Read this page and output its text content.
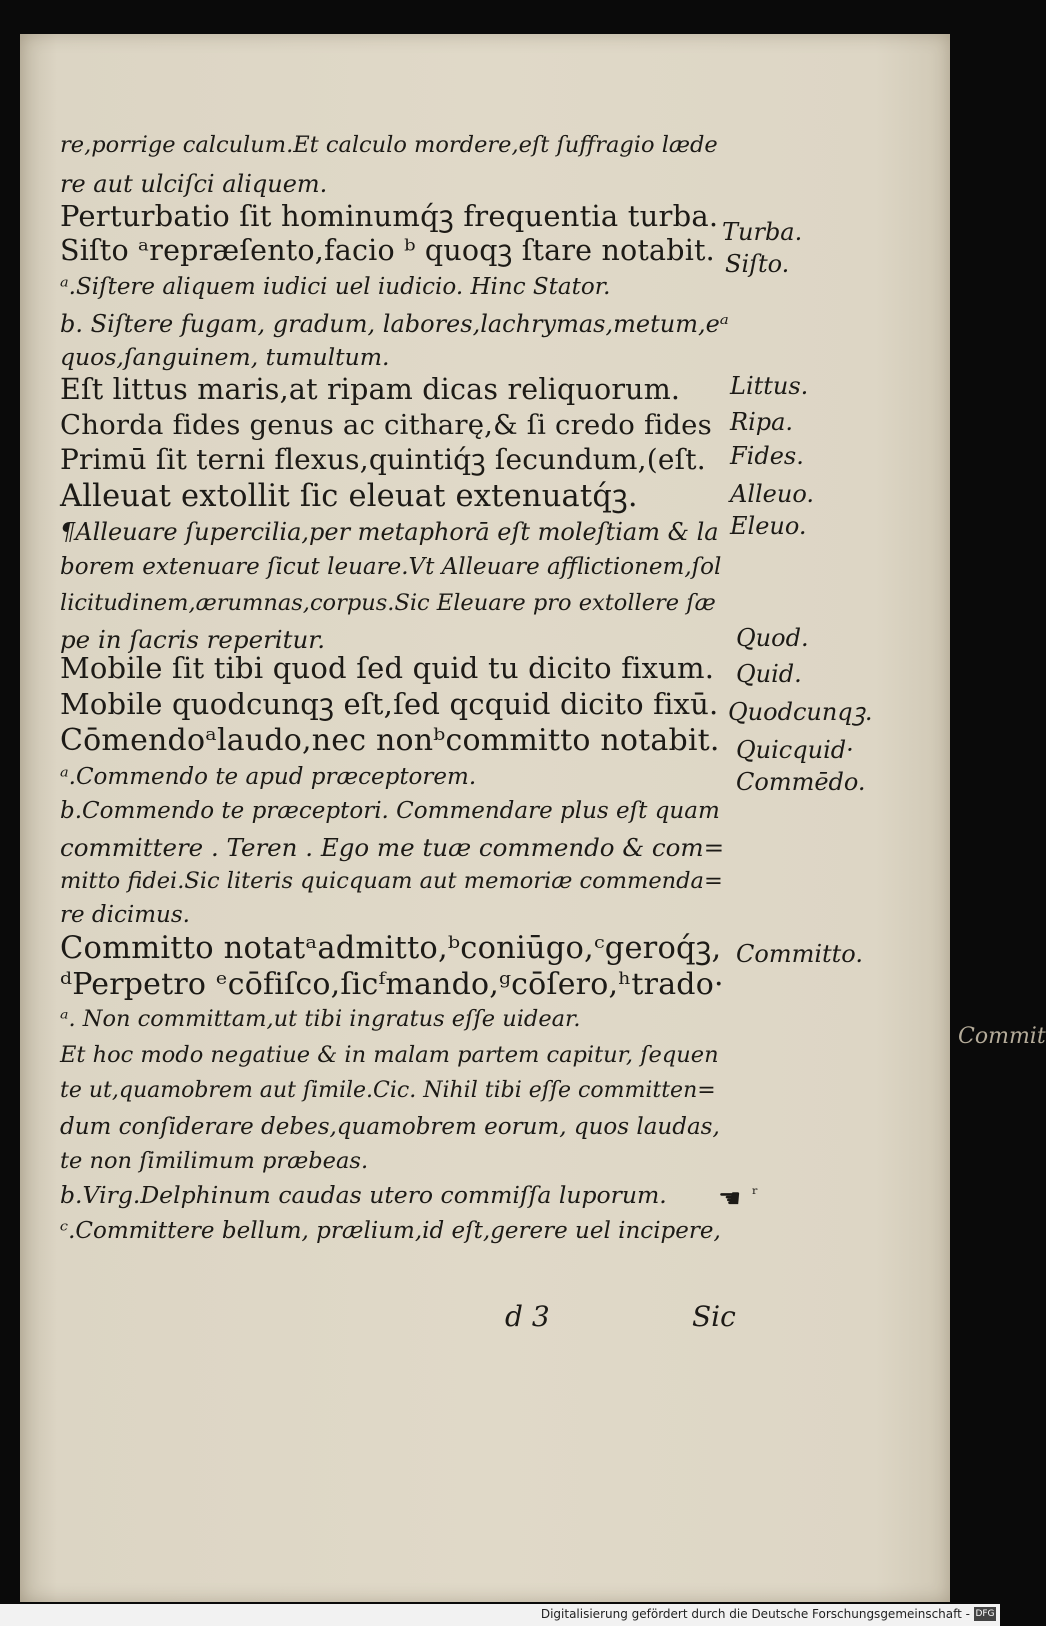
re,porrige calculum.Et calculo mordere,eſt ſuffragio læde
re aut ulciſci aliquem.
Perturbatio ſit hominumq́ꝫ frequentia turba.
Siſto ᵃrepræſento,facio ᵇ quoqꝫ ſtare notabit.
ᵃ.Siſtere aliquem iudici uel iudicio. Hinc Stator.
b. Siſtere fugam, gradum, labores,lachrymas,metum,eᵃ
quos,ſanguinem, tumultum.
Eſt littus maris,at ripam dicas reliquorum.
Chorda fides genus ac citharę,& ſi credo fides
Primū ſit terni flexus,quintiq́ꝫ ſecundum,(eſt.
Alleuat extollit ſic eleuat extenuatq́ꝫ.
¶Alleuare ſupercilia,per metaphorā eſt moleſtiam & la
borem extenuare ſicut leuare.Vt Alleuare afflictionem,ſol
licitudinem,ærumnas,corpus.Sic Eleuare pro extollere ſæ
pe in ſacris reperitur.
Mobile ſit tibi quod ſed quid tu dicito fixum.
Mobile quodcunqꝫ eſt,ſed qcquid dicito fixū.
Cōmendoᵃlaudo,nec nonᵇcommitto notabit.
ᵃ.Commendo te apud præceptorem.
b.Commendo te præceptori. Commendare plus eſt quam
committere . Teren . Ego me tuæ commendo & com=
mitto fidei.Sic literis quicquam aut memoriæ commenda=
re dicimus.
Committo notatᵃadmitto,ᵇconiūgo,ᶜgeroq́ꝫ,
ᵈPerpetro ᵉcōfiſco,ſicᶠmando,ᵍcōſero,ʰtrado·
ᵃ. Non committam,ut tibi ingratus eſſe uidear.
Et hoc modo negatiue & in malam partem capitur, ſequen
te ut,quamobrem aut ſimile.Cic. Nihil tibi eſſe committen=
dum conſiderare debes,quamobrem eorum, quos laudas,
te non ſimilimum præbeas.
b.Virg.Delphinum caudas utero commiſſa luporum.
ᶜ.Committere bellum, prælium,id eſt,gerere uel incipere,
Turba.
Siſto.
Littus.
Ripa.
Fides.
Alleuo.
Eleuo.
Quod.
Quid.
Quodcunqꝫ.
Quicquid·
Commēdo.
Committo.
Commit
☚ ʳ
d 3	Sic
Digitalisierung gefördert durch die Deutsche Forschungsgemeinschaft - DFG
